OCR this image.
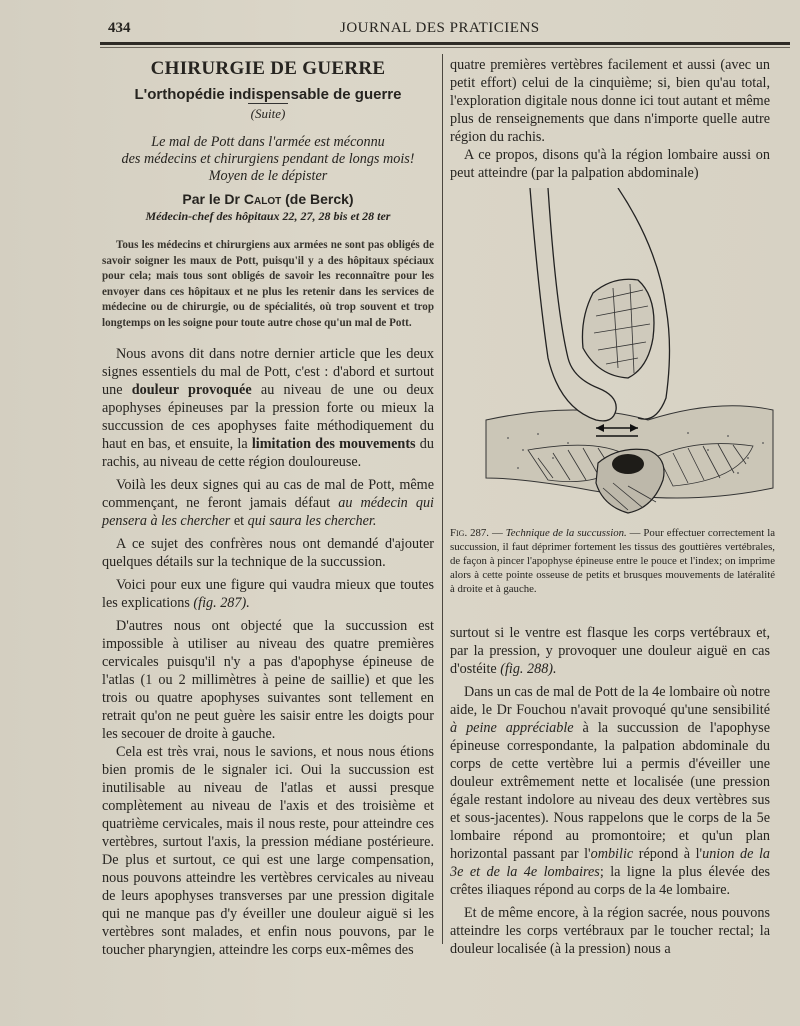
434	JOURNAL DES PRATICIENS
CHIRURGIE DE GUERRE
L'orthopédie indispensable de guerre
(Suite)
Le mal de Pott dans l'armée est méconnu
des médecins et chirurgiens pendant de longs mois!
Moyen de le dépister
Par le Dr Calot (de Berck)
Médecin-chef des hôpitaux 22, 27, 28 bis et 28 ter

Tous les médecins et chirurgiens aux armées ne sont pas obligés de savoir soigner les maux de Pott, puisqu'il y a des hôpitaux spéciaux pour cela; mais tous sont obligés de savoir les reconnaître pour les envoyer dans ces hôpitaux et ne plus les retenir dans les services de médecine ou de chirurgie, ou de spécialités, où trop souvent et trop longtemps on les soigne pour toute autre chose qu'un mal de Pott.

Nous avons dit dans notre dernier article que les deux signes essentiels du mal de Pott, c'est : d'abord et surtout une douleur provoquée au niveau de une ou deux apophyses épineuses par la pression forte ou mieux la succussion de ces apophyses faite méthodiquement du haut en bas, et ensuite, la limitation des mouvements du rachis, au niveau de cette région douloureuse.

Voilà les deux signes qui au cas de mal de Pott, même commençant, ne feront jamais défaut au médecin qui pensera à les chercher et qui saura les chercher.

A ce sujet des confrères nous ont demandé d'ajouter quelques détails sur la technique de la succussion.

Voici pour eux une figure qui vaudra mieux que toutes les explications (fig. 287).

D'autres nous ont objecté que la succussion est impossible à utiliser au niveau des quatre premières cervicales puisqu'il n'y a pas d'apophyse épineuse de l'atlas (1 ou 2 millimètres à peine de saillie) et que les trois ou quatre apophyses suivantes sont tellement en retrait qu'on ne peut guère les saisir entre les doigts pour les secouer de droite à gauche.

Cela est très vrai, nous le savions, et nous nous étions bien promis de le signaler ici. Oui la succussion est inutilisable au niveau de l'atlas et aussi presque complètement au niveau de l'axis et des troisième et quatrième cervicales, mais il nous reste, pour atteindre ces vertèbres, surtout l'axis, la pression médiane postérieure. De plus et surtout, ce qui est une large compensation, nous pouvons atteindre les vertèbres cervicales au niveau de leurs apophyses transverses par une pression digitale qui ne manque pas d'y éveiller une douleur aiguë si les vertèbres sont malades, et enfin nous pouvons, par le toucher pharyngien, atteindre les corps eux-mêmes des

quatre premières vertèbres facilement et aussi (avec un petit effort) celui de la cinquième; si, bien qu'au total, l'exploration digitale nous donne ici tout autant et même plus de renseignements que dans n'importe quelle autre région du rachis.

A ce propos, disons qu'à la région lombaire aussi on peut atteindre (par la palpation abdominale)

Fig. 287. — Technique de la succussion. — Pour effectuer correctement la succussion, il faut déprimer fortement les tissus des gouttières vertébrales, de façon à pincer l'apophyse épineuse entre le pouce et l'index; on imprime alors à cette pointe osseuse de petits et brusques mouvements de latéralité à droite et à gauche.

surtout si le ventre est flasque les corps vertébraux et, par la pression, y provoquer une douleur aiguë en cas d'ostéite (fig. 288).

Dans un cas de mal de Pott de la 4e lombaire où notre aide, le Dr Fouchou n'avait provoqué qu'une sensibilité à peine appréciable à la succussion de l'apophyse épineuse correspondante, la palpation abdominale du corps de cette vertèbre lui a permis d'éveiller une douleur extrêmement nette et localisée (une pression égale restant indolore au niveau des deux vertèbres sus et sous-jacentes). Nous rappelons que le corps de la 5e lombaire répond au promontoire; et qu'un plan horizontal passant par l'ombilic répond à l'union de la 3e et de la 4e lombaires; la ligne la plus élevée des crêtes iliaques répond au corps de la 4e lombaire.

Et de même encore, à la région sacrée, nous pouvons atteindre les corps vertébraux par le toucher rectal; la douleur localisée (à la pression) nous a
